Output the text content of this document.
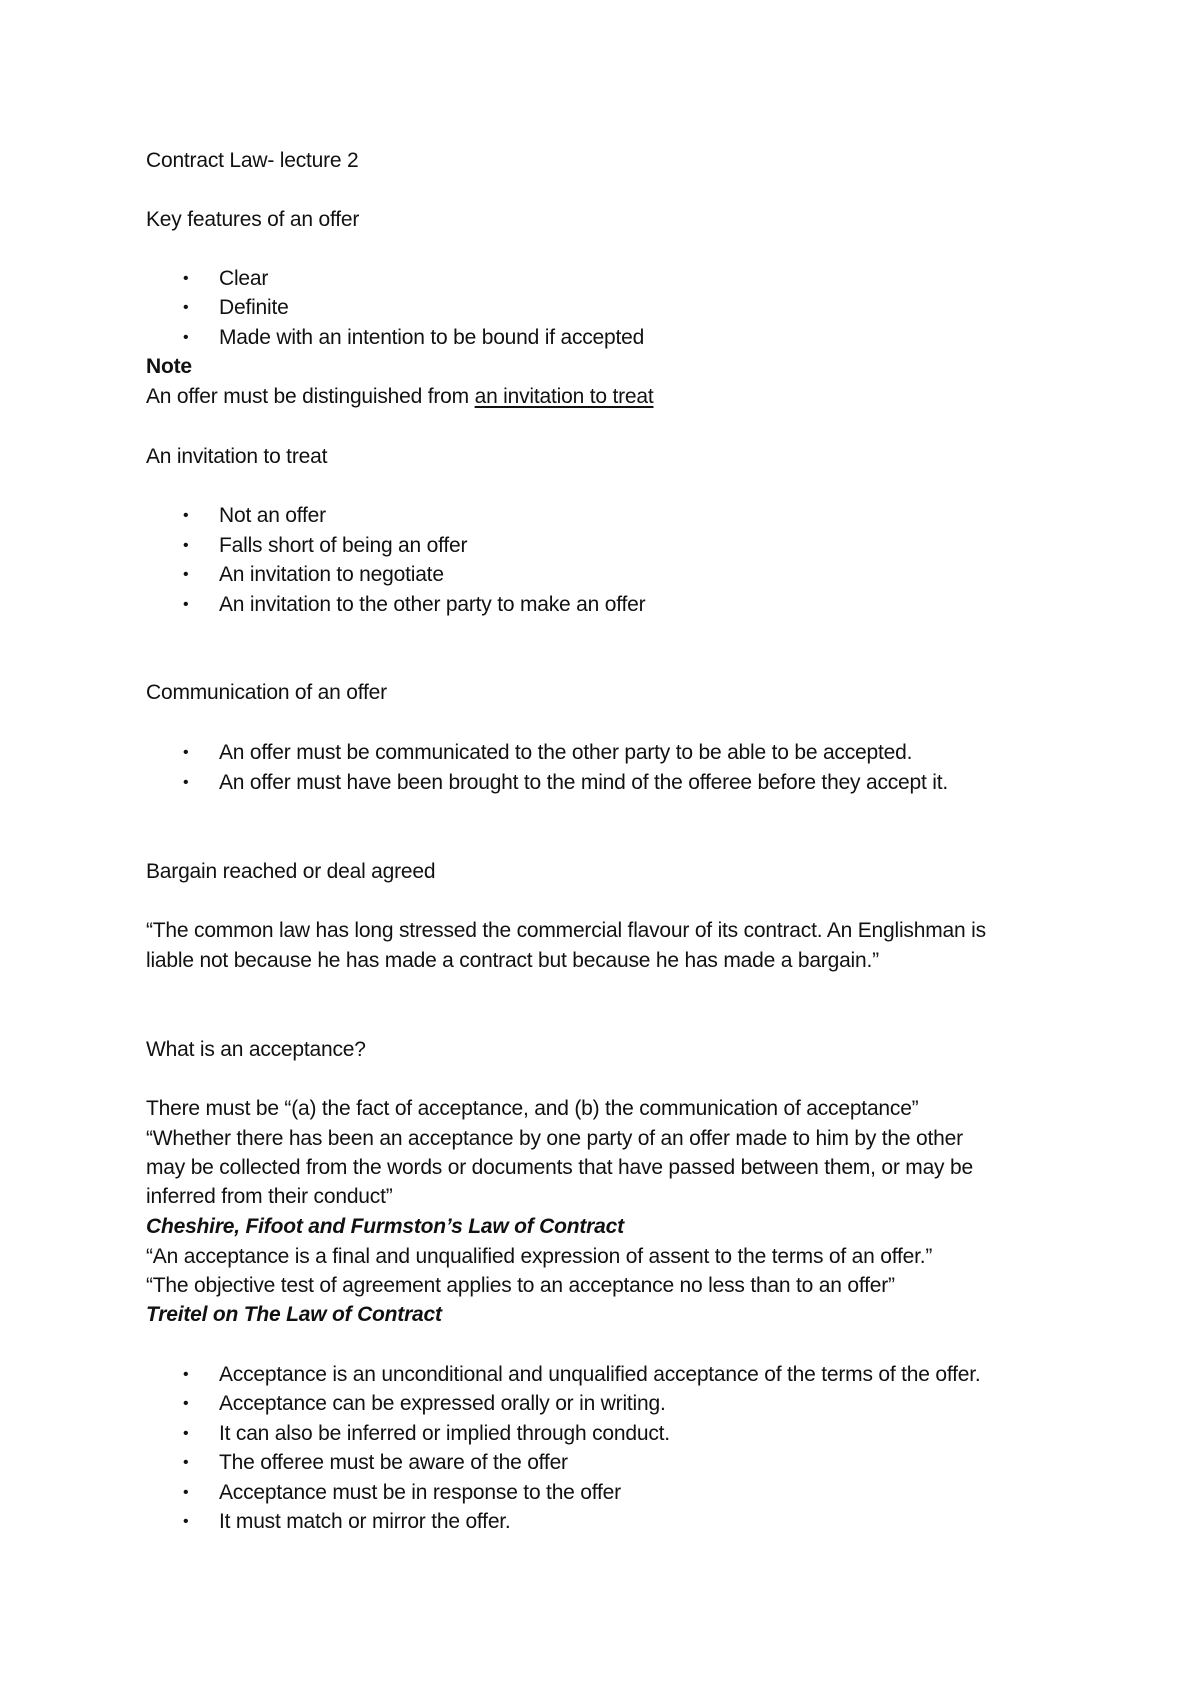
Contract Law- lecture 2
Key features of an offer
• Clear
• Definite
• Made with an intention to be bound if accepted
Note
An offer must be distinguished from an invitation to treat
An invitation to treat
• Not an offer
• Falls short of being an offer
• An invitation to negotiate
• An invitation to the other party to make an offer
Communication of an offer
• An offer must be communicated to the other party to be able to be accepted.
• An offer must have been brought to the mind of the offeree before they accept it.
Bargain reached or deal agreed
“The common law has long stressed the commercial flavour of its contract. An Englishman is
liable not because he has made a contract but because he has made a bargain.”
What is an acceptance?
There must be “(a) the fact of acceptance, and (b) the communication of acceptance”
“Whether there has been an acceptance by one party of an offer made to him by the other
may be collected from the words or documents that have passed between them, or may be
inferred from their conduct”
Cheshire, Fifoot and Furmston’s Law of Contract
“An acceptance is a final and unqualified expression of assent to the terms of an offer.”
“The objective test of agreement applies to an acceptance no less than to an offer”
Treitel on The Law of Contract
• Acceptance is an unconditional and unqualified acceptance of the terms of the offer.
• Acceptance can be expressed orally or in writing.
• It can also be inferred or implied through conduct.
• The offeree must be aware of the offer
• Acceptance must be in response to the offer
• It must match or mirror the offer.
